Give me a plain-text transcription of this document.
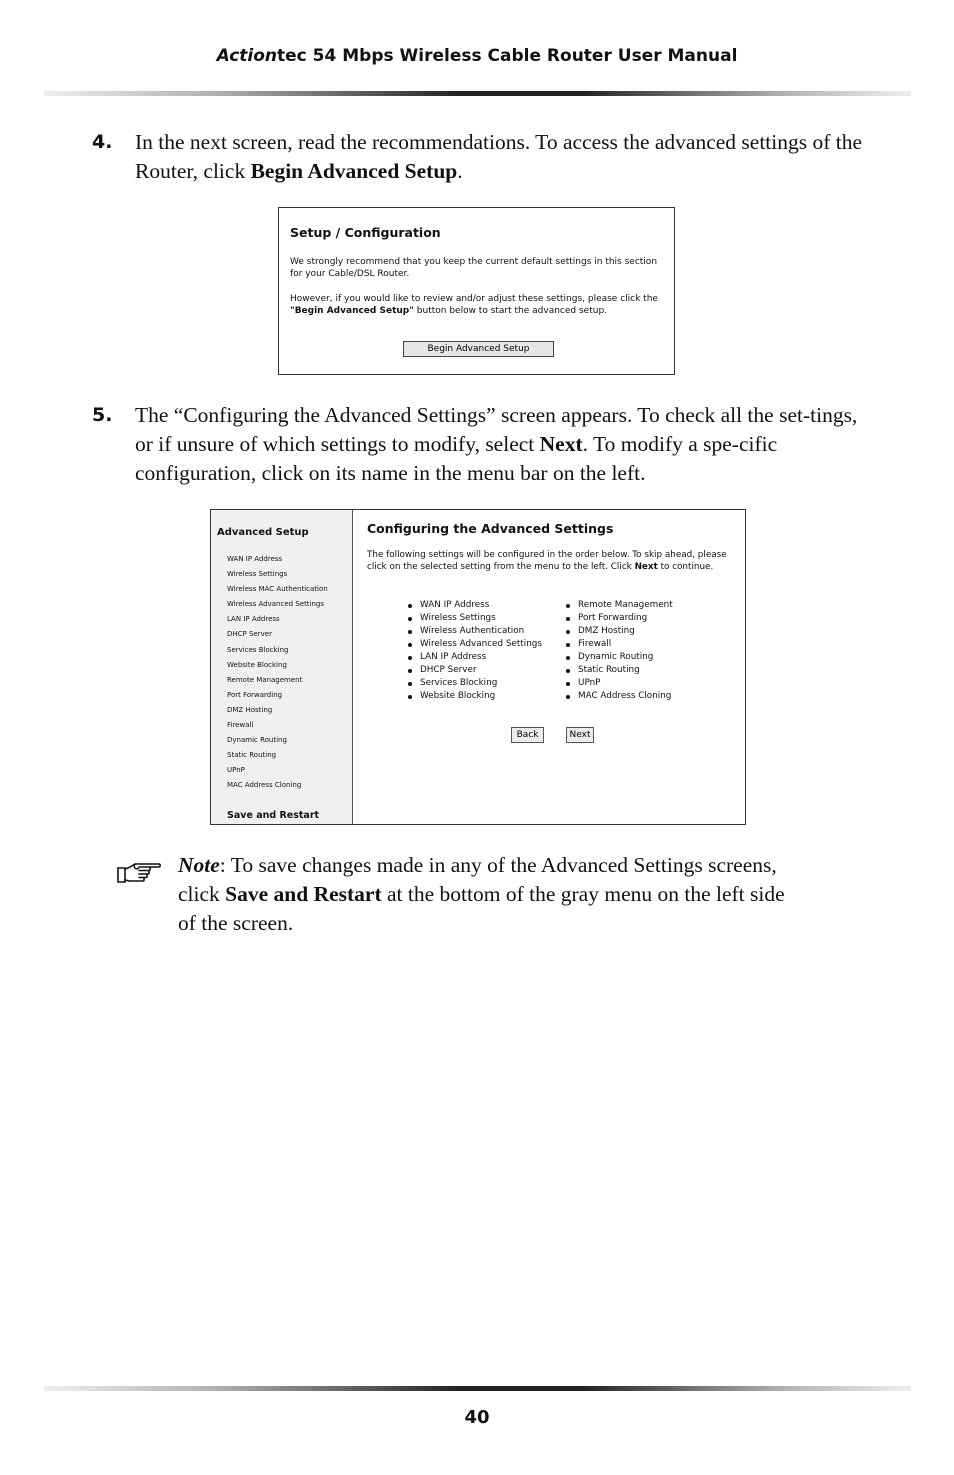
Actiontec 54 Mbps Wireless Cable Router User Manual
4. In the next screen, read the recommendations. To access the advanced settings of the Router, click Begin Advanced Setup.
Setup / Configuration
We strongly recommend that you keep the current default settings in this section for your Cable/DSL Router.
However, if you would like to review and/or adjust these settings, please click the "Begin Advanced Setup" button below to start the advanced setup.
Begin Advanced Setup
5. The “Configuring the Advanced Settings” screen appears. To check all the set-tings, or if unsure of which settings to modify, select Next. To modify a spe-cific configuration, click on its name in the menu bar on the left.
Advanced Setup
WAN IP Address
Wireless Settings
Wireless MAC Authentication
Wireless Advanced Settings
LAN IP Address
DHCP Server
Services Blocking
Website Blocking
Remote Management
Port Forwarding
DMZ Hosting
Firewall
Dynamic Routing
Static Routing
UPnP
MAC Address Cloning
Save and Restart
Configuring the Advanced Settings
The following settings will be configured in the order below. To skip ahead, please click on the selected setting from the menu to the left. Click Next to continue.
WAN IP Address
Wireless Settings
Wireless Authentication
Wireless Advanced Settings
LAN IP Address
DHCP Server
Services Blocking
Website Blocking
Remote Management
Port Forwarding
DMZ Hosting
Firewall
Dynamic Routing
Static Routing
UPnP
MAC Address Cloning
Back	Next
Note: To save changes made in any of the Advanced Settings screens, click Save and Restart at the bottom of the gray menu on the left side of the screen.
40
